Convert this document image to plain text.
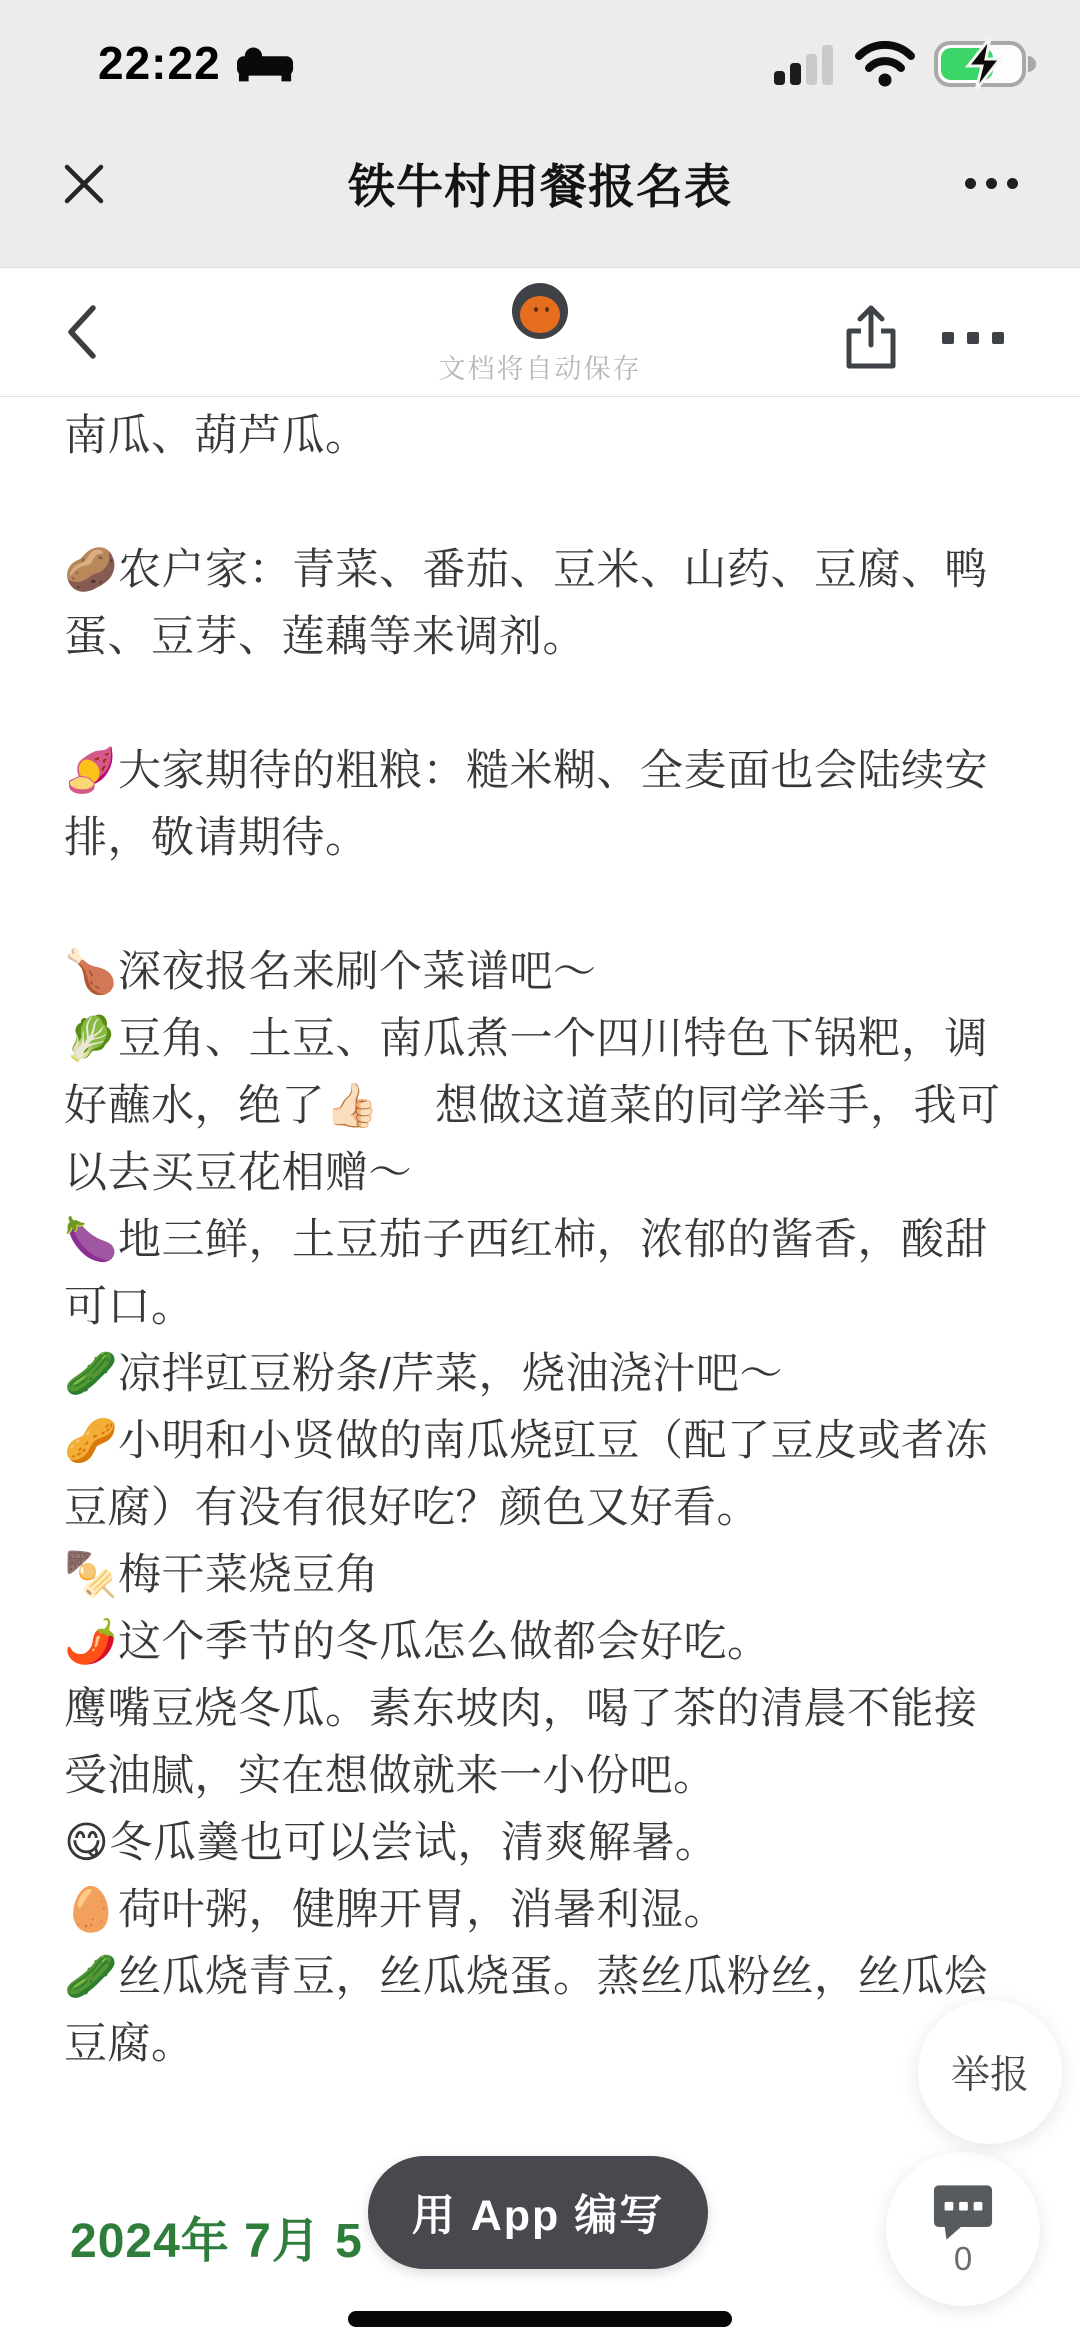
22:22
铁牛村用餐报名表
文档将自动保存

南瓜、葫芦瓜。

🥔农户家：青菜、番茄、豆米、山药、豆腐、鸭蛋、豆芽、莲藕等来调剂。

🍠大家期待的粗粮：糙米糊、全麦面也会陆续安排，敬请期待。

🍗深夜报名来刷个菜谱吧～

🥬豆角、土豆、南瓜煮一个四川特色下锅粑，调好蘸水，绝了👍🏻　 想做这道菜的同学举手，我可以去买豆花相赠～

🍆地三鲜，土豆茄子西红柿，浓郁的酱香，酸甜可口。

🥒凉拌豇豆粉条/芹菜，烧油浇汁吧～

🥜小明和小贤做的南瓜烧豇豆（配了豆皮或者冻豆腐）有没有很好吃？颜色又好看。

🍢梅干菜烧豆角

🌶️这个季节的冬瓜怎么做都会好吃。

鹰嘴豆烧冬瓜。素东坡肉，喝了茶的清晨不能接受油腻，实在想做就来一小份吧。

😋冬瓜羹也可以尝试，清爽解暑。

🥚荷叶粥，健脾开胃，消暑利湿。

🥒丝瓜烧青豆，丝瓜烧蛋。蒸丝瓜粉丝，丝瓜烩豆腐。

举报
2024年 7月 5 用 App 编写
0
